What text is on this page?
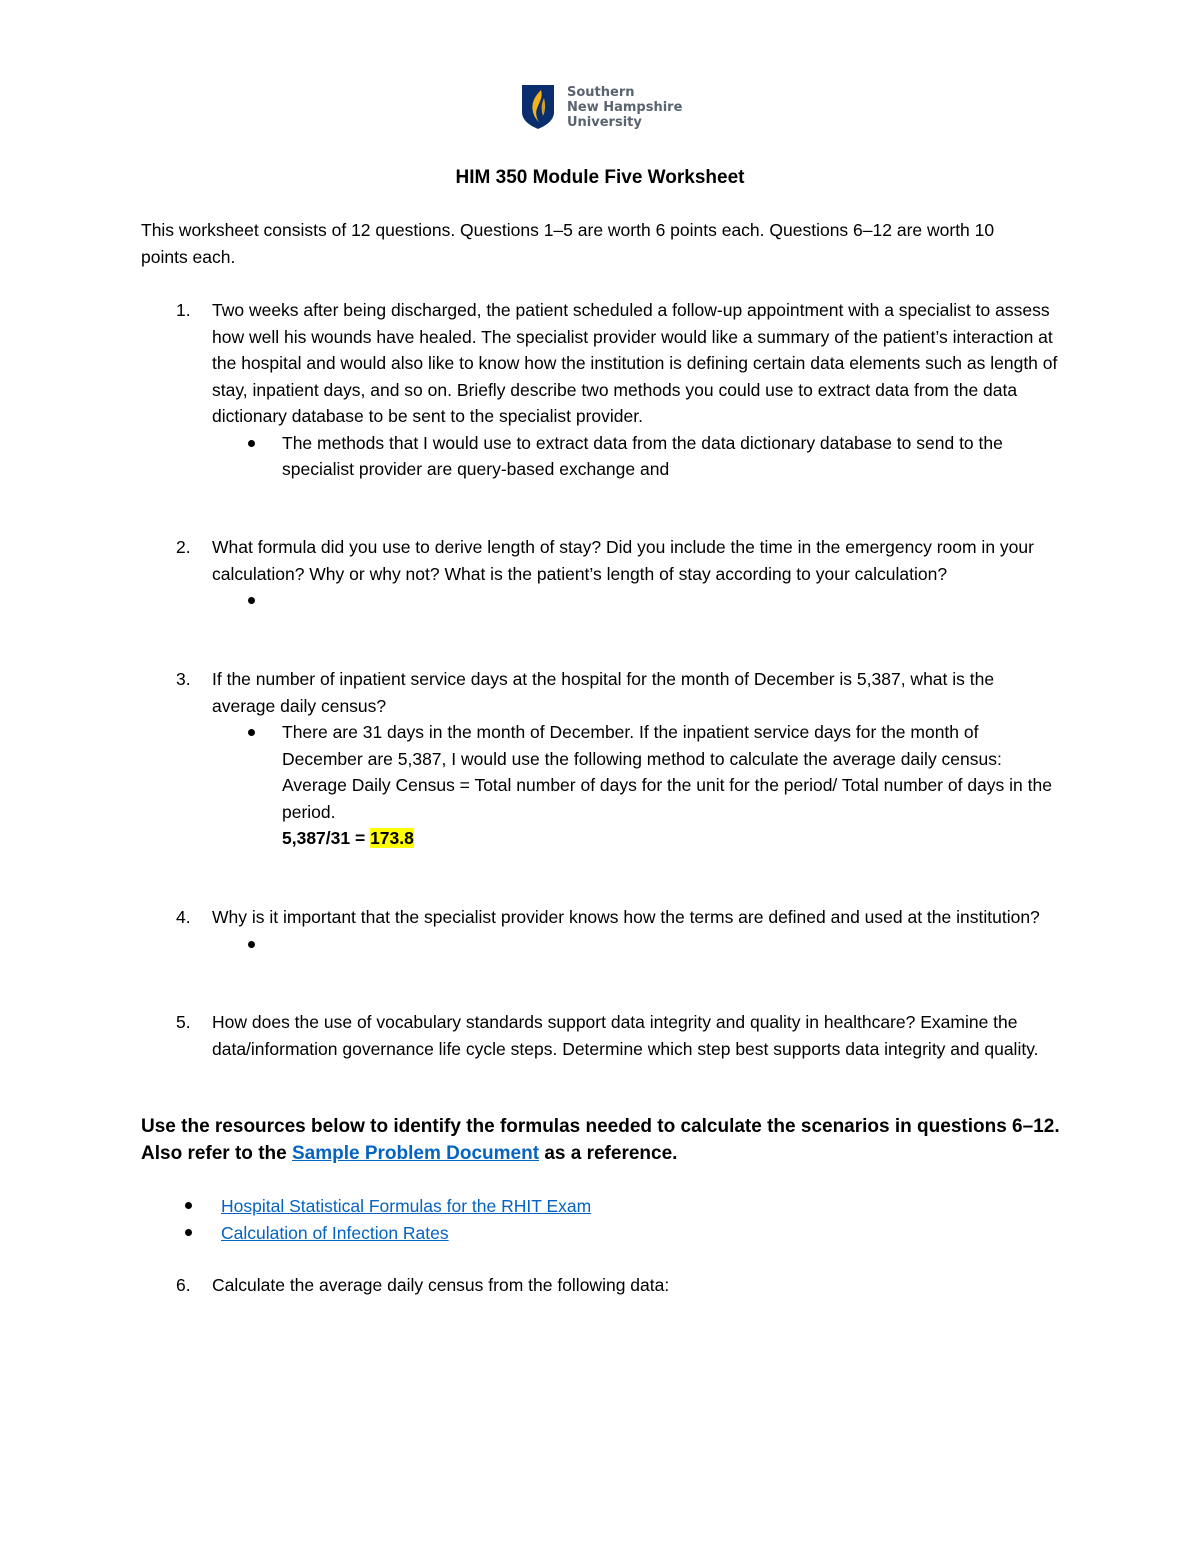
Southern
New Hampshire
University
HIM 350 Module Five Worksheet
This worksheet consists of 12 questions. Questions 1–5 are worth 6 points each. Questions 6–12 are worth 10 points each.
1. Two weeks after being discharged, the patient scheduled a follow-up appointment with a specialist to assess how well his wounds have healed. The specialist provider would like a summary of the patient’s interaction at the hospital and would also like to know how the institution is defining certain data elements such as length of stay, inpatient days, and so on. Briefly describe two methods you could use to extract data from the data dictionary database to be sent to the specialist provider.
The methods that I would use to extract data from the data dictionary database to send to the specialist provider are query-based exchange and
2. What formula did you use to derive length of stay? Did you include the time in the emergency room in your calculation? Why or why not? What is the patient’s length of stay according to your calculation?
3. If the number of inpatient service days at the hospital for the month of December is 5,387, what is the average daily census?
There are 31 days in the month of December. If the inpatient service days for the month of December are 5,387, I would use the following method to calculate the average daily census:
Average Daily Census = Total number of days for the unit for the period/ Total number of days in the period.
5,387/31 = 173.8
4. Why is it important that the specialist provider knows how the terms are defined and used at the institution?
5. How does the use of vocabulary standards support data integrity and quality in healthcare? Examine the data/information governance life cycle steps. Determine which step best supports data integrity and quality.
Use the resources below to identify the formulas needed to calculate the scenarios in questions 6–12.
Also refer to the Sample Problem Document as a reference.
Hospital Statistical Formulas for the RHIT Exam
Calculation of Infection Rates
6. Calculate the average daily census from the following data:
